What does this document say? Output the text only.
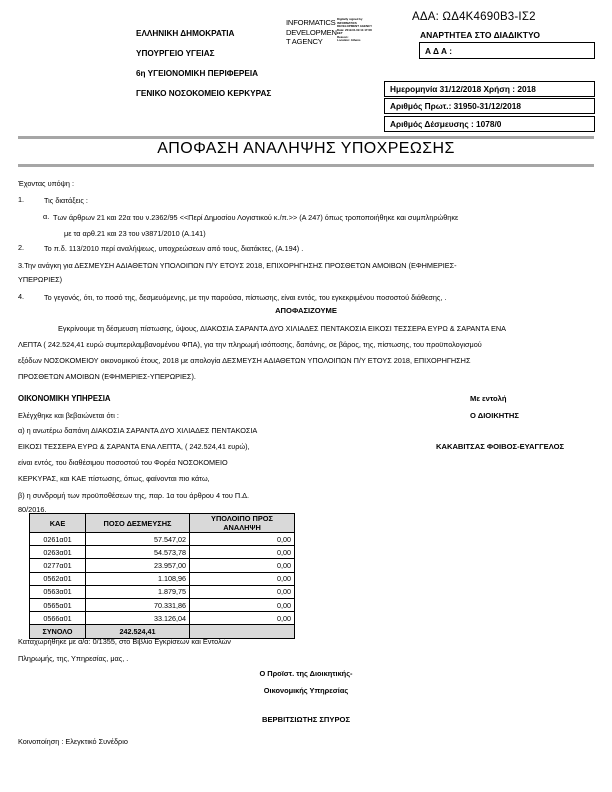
ΑΔΑ: ΩΔ4Κ4690Β3-ΙΣ2
ΑΝΑΡΤΗΤΕΑ ΣΤΟ ΔΙΑΔΙΚΤΥΟ
ΕΛΛΗΝΙΚΗ ΔΗΜΟΚΡΑΤΙΑ
ΥΠΟΥΡΓΕΙΟ ΥΓΕΙΑΣ
6η ΥΓΕΙΟΝΟΜΙΚΗ ΠΕΡΙΦΕΡΕΙΑ
ΓΕΝΙΚΟ ΝΟΣΟΚΟΜΕΙΟ ΚΕΡΚΥΡΑΣ
INFORMATICS
DEVELOPMEN
T AGENCY
Digitally signed by
INFORMATICS
DEVELOPMENT AGENCY
Date: 2019.01.09 11:17:08
EET
Reason:
Location: Athens
Α Δ Α :
Ημερομηνία 31/12/2018 Χρήση : 2018
Αριθμός Πρωτ.: 31950-31/12/2018
Αριθμός Δέσμευσης : 1078/0
ΑΠΟΦΑΣΗ ΑΝΑΛΗΨΗΣ ΥΠΟΧΡΕΩΣΗΣ
Έχοντας υπόψη :
1.	Τις διατάξεις :
α. Των άρθρων 21 και 22α του ν.2362/95 <<Περί Δημοσίου Λογιστικού κ./π.>> (Α 247) όπως τροποποιήθηκε και συμπληρώθηκε
με τα αρθ.21 και 23 του ν3871/2010 (Α.141)
2.	Το π.δ. 113/2010 περί αναλήψεως, υποχρεώσεων από τους, διατάκτες, (Α.194) .
3.Την ανάγκη για ΔΕΣΜΕΥΣΗ ΑΔΙΑΘΕΤΩΝ ΥΠΟΛΟΙΠΩΝ Π/Υ ΕΤΟΥΣ 2018, ΕΠΙΧΟΡΗΓΗΣΗΣ ΠΡΟΣΘΕΤΩΝ ΑΜΟΙΒΩΝ (ΕΦΗΜΕΡΙΕΣ-
ΥΠΕΡΩΡΙΕΣ)
4.	Το γεγονός, ότι, το ποσό της, δεσμευόμενης, με την παρούσα, πίστωσης, είναι εντός, του εγκεκριμένου ποσοστού διάθεσης, .
ΑΠΟΦΑΣΙΖΟΥΜΕ
Εγκρίνουμε τη δέσμευση πίστωσης, ύψους, ΔΙΑΚΟΣΙΑ ΣΑΡΑΝΤΑ ΔΥΟ ΧΙΛΙΑΔΕΣ ΠΕΝΤΑΚΟΣΙΑ ΕΙΚΟΣΙ ΤΕΣΣΕΡΑ ΕΥΡΩ & ΣΑΡΑΝΤΑ ΕΝΑ
ΛΕΠΤΑ ( 242.524,41 ευρώ συμπεριλαμβανομένου ΦΠΑ), για την πληρωμή ισόποσης, δαπάνης, σε βάρος, της, πίστωσης, του προϋπολογισμού
εξόδων ΝΟΣΟΚΟΜΕΙΟΥ οικονομικού έτους, 2018 με απολογία ΔΕΣΜΕΥΣΗ ΑΔΙΑΘΕΤΩΝ ΥΠΟΛΟΙΠΩΝ Π/Υ ΕΤΟΥΣ 2018, ΕΠΙΧΟΡΗΓΗΣΗΣ
ΠΡΟΣΘΕΤΩΝ ΑΜΟΙΒΩΝ (ΕΦΗΜΕΡΙΕΣ-ΥΠΕΡΩΡΙΕΣ).
ΟΙΚΟΝΟΜΙΚΗ ΥΠΗΡΕΣΙΑ
Ελέγχθηκε και βεβαιώνεται ότι :
α) η ανωτέρω δαπάνη ΔΙΑΚΟΣΙΑ ΣΑΡΑΝΤΑ ΔΥΟ ΧΙΛΙΑΔΕΣ ΠΕΝΤΑΚΟΣΙΑ
ΕΙΚΟΣΙ ΤΕΣΣΕΡΑ ΕΥΡΩ & ΣΑΡΑΝΤΑ ΕΝΑ ΛΕΠΤΑ, ( 242.524,41 ευρώ),
είναι εντός, του διαθέσιμου ποσοστού του Φορέα ΝΟΣΟΚΟΜΕΙΟ
ΚΕΡΚΥΡΑΣ, και ΚΑΕ πίστωσης, όπως, φαίνονται πιο κάτω,
β) η συνδρομή των προϋποθέσεων της, παρ. 1α του άρθρου 4 του Π.Δ.
80/2016.
Με εντολή
Ο ΔΙΟΙΚΗΤΗΣ
ΚΑΚΑΒΙΤΣΑΣ ΦΟΙΒΟΣ-ΕΥΑΓΓΕΛΟΣ
ΚΑΕ	ΠΟΣΟ ΔΕΣΜΕΥΣΗΣ	ΥΠΟΛΟΙΠΟ ΠΡΟΣ ΑΝΑΛΗΨΗ
0261α01	57.547,02	0,00
0263α01	54.573,78	0,00
0277α01	23.957,00	0,00
0562α01	1.108,96	0,00
0563α01	1.879,75	0,00
0565α01	70.331,86	0,00
0566α01	33.126,04	0,00
ΣΥΝΟΛΟ	242.524,41	
Καταχωρήθηκε με α/α: 0/1355, στο Βιβλίο Εγκρίσεων και Εντολών
Πληρωμής, της, Υπηρεσίας, μας, .
Ο Προϊστ. της Διοικητικής-
Οικονομικής Υπηρεσίας
ΒΕΡΒΙΤΣΙΩΤΗΣ ΣΠΥΡΟΣ
Κοινοποίηση : Ελεγκτικό Συνέδριο
